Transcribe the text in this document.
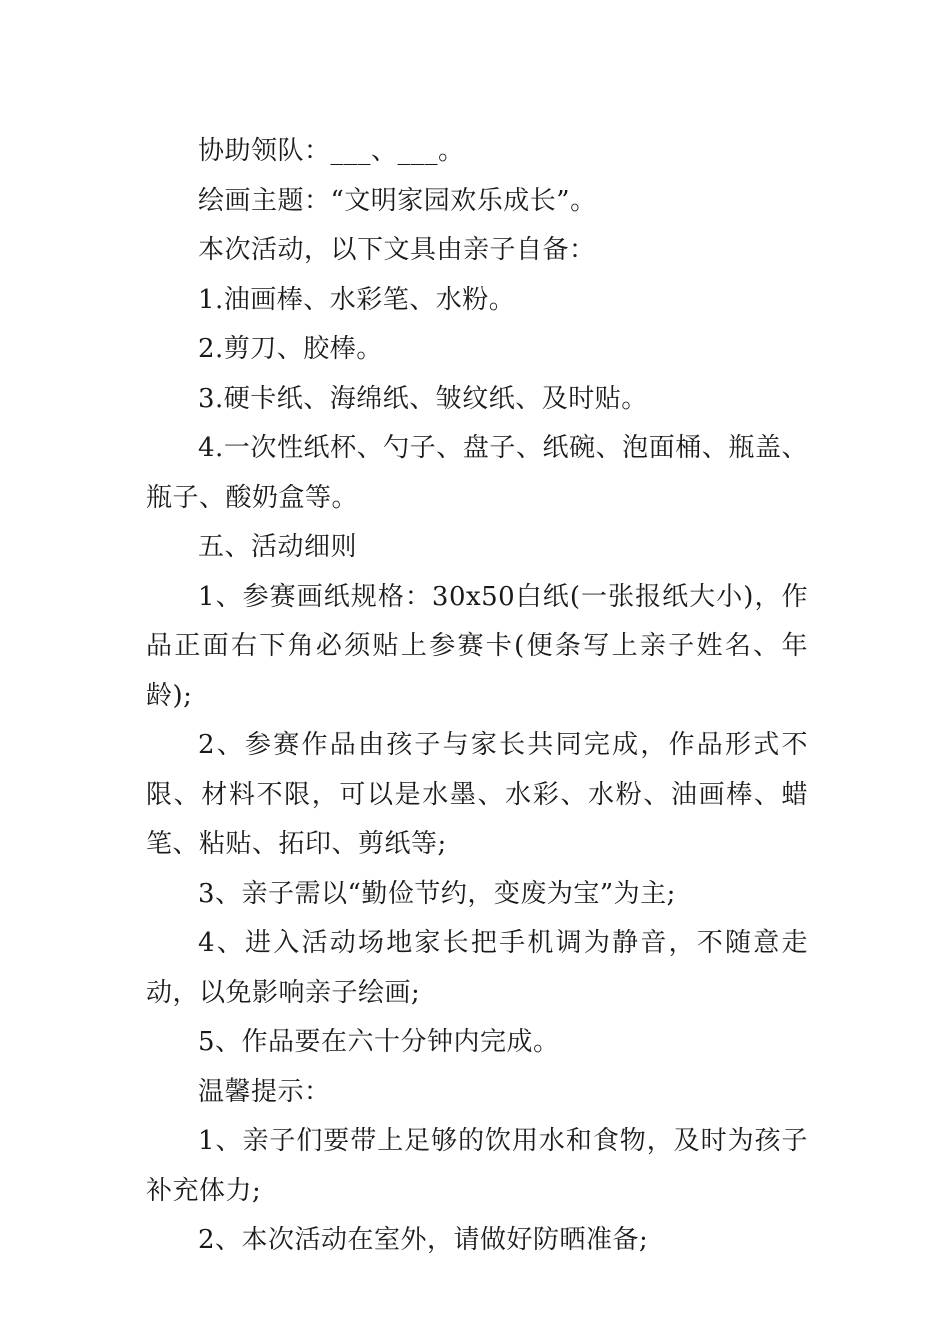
协助领队：___、___。

绘画主题：“文明家园欢乐成长”。

本次活动，以下文具由亲子自备：

1.油画棒、水彩笔、水粉。

2.剪刀、胶棒。

3.硬卡纸、海绵纸、皱纹纸、及时贴。

4.一次性纸杯、勺子、盘子、纸碗、泡面桶、瓶盖、瓶子、酸奶盒等。

五、活动细则

1、参赛画纸规格：30x50白纸(一张报纸大小)，作品正面右下角必须贴上参赛卡(便条写上亲子姓名、年龄);

2、参赛作品由孩子与家长共同完成，作品形式不限、材料不限，可以是水墨、水彩、水粉、油画棒、蜡笔、粘贴、拓印、剪纸等;

3、亲子需以“勤俭节约，变废为宝”为主;

4、进入活动场地家长把手机调为静音，不随意走动，以免影响亲子绘画;

5、作品要在六十分钟内完成。

温馨提示：

1、亲子们要带上足够的饮用水和食物，及时为孩子补充体力;

2、本次活动在室外，请做好防晒准备;
